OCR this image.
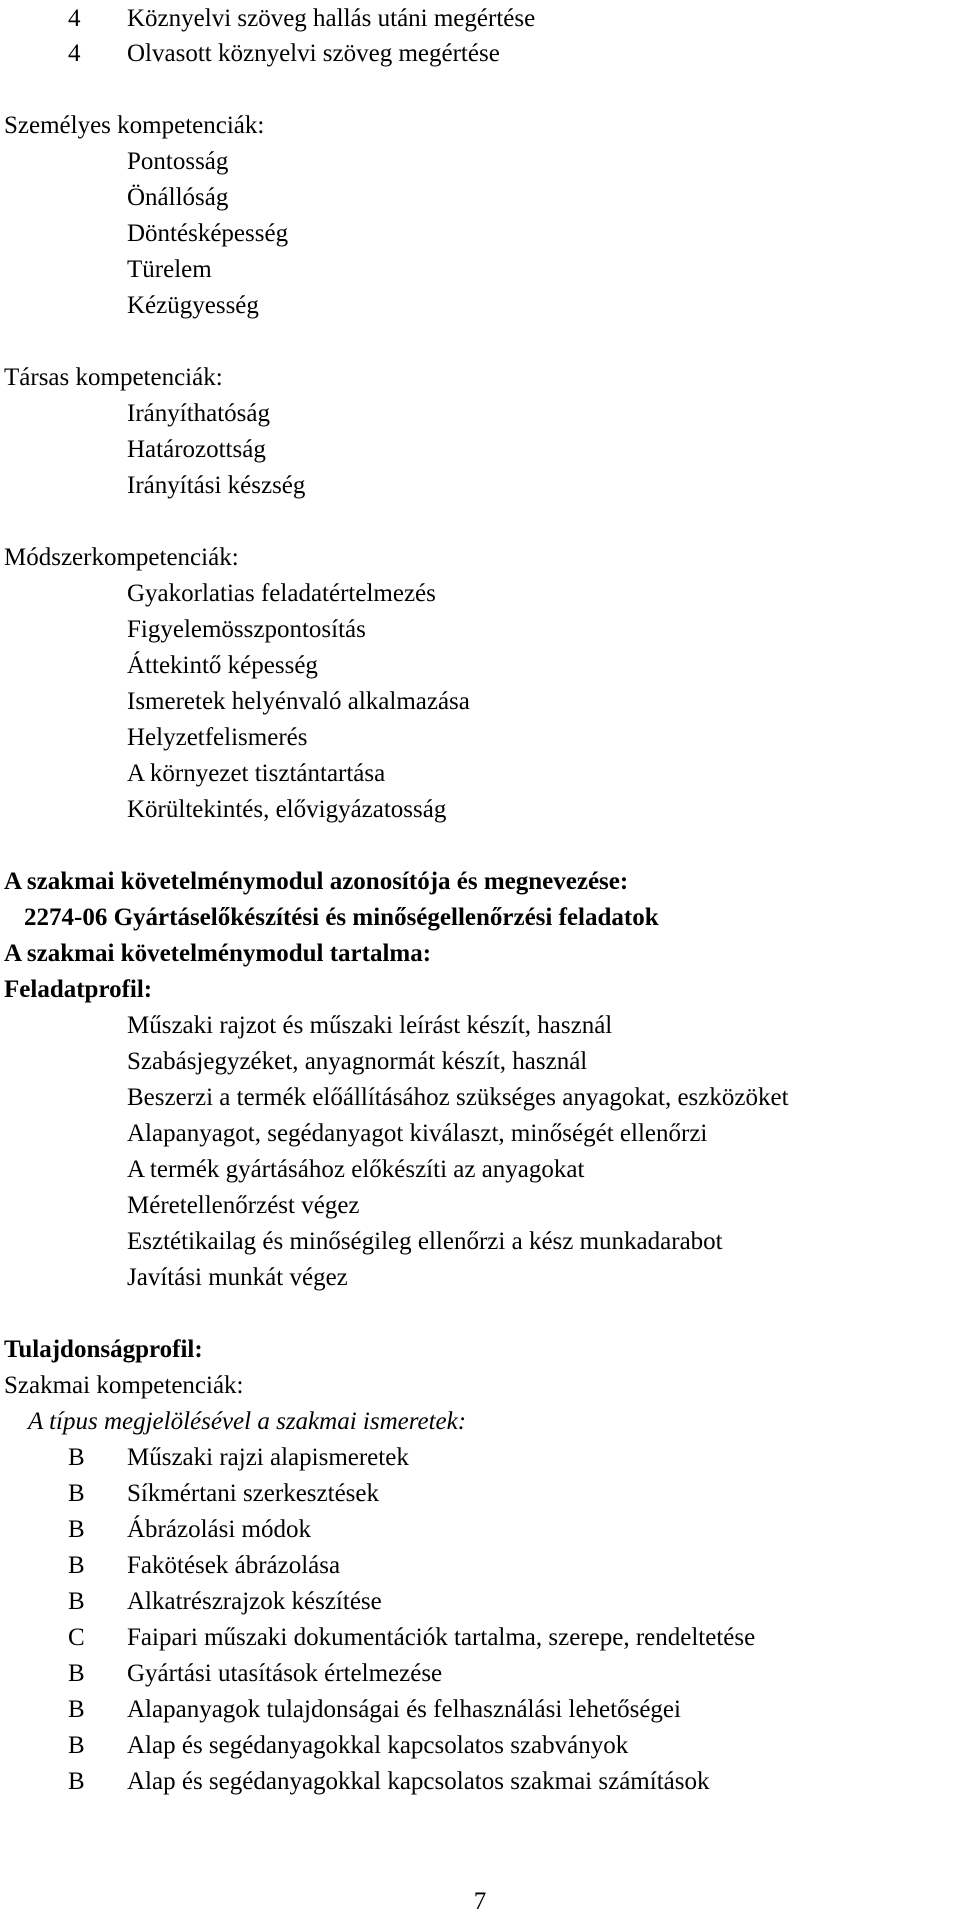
4 Köznyelvi szöveg hallás utáni megértése
4 Olvasott köznyelvi szöveg megértése
Személyes kompetenciák:
Pontosság
Önállóság
Döntésképesség
Türelem
Kézügyesség
Társas kompetenciák:
Irányíthatóság
Határozottság
Irányítási készség
Módszerkompetenciák:
Gyakorlatias feladatértelmezés
Figyelemösszpontosítás
Áttekintő képesség
Ismeretek helyénvaló alkalmazása
Helyzetfelismerés
A környezet tisztántartása
Körültekintés, elővigyázatosság
A szakmai követelménymodul azonosítója és megnevezése:
2274-06 Gyártáselőkészítési és minőségellenőrzési feladatok
A szakmai követelménymodul tartalma:
Feladatprofil:
Műszaki rajzot és műszaki leírást készít, használ
Szabásjegyzéket, anyagnormát készít, használ
Beszerzi a termék előállításához szükséges anyagokat, eszközöket
Alapanyagot, segédanyagot kiválaszt, minőségét ellenőrzi
A termék gyártásához előkészíti az anyagokat
Méretellenőrzést végez
Esztétikailag és minőségileg ellenőrzi a kész munkadarabot
Javítási munkát végez
Tulajdonságprofil:
Szakmai kompetenciák:
A típus megjelölésével a szakmai ismeretek:
B Műszaki rajzi alapismeretek
B Síkmértani szerkesztések
B Ábrázolási módok
B Fakötések ábrázolása
B Alkatrészrajzok készítése
C Faipari műszaki dokumentációk tartalma, szerepe, rendeltetése
B Gyártási utasítások értelmezése
B Alapanyagok tulajdonságai és felhasználási lehetőségei
B Alap és segédanyagokkal kapcsolatos szabványok
B Alap és segédanyagokkal kapcsolatos szakmai számítások
7
